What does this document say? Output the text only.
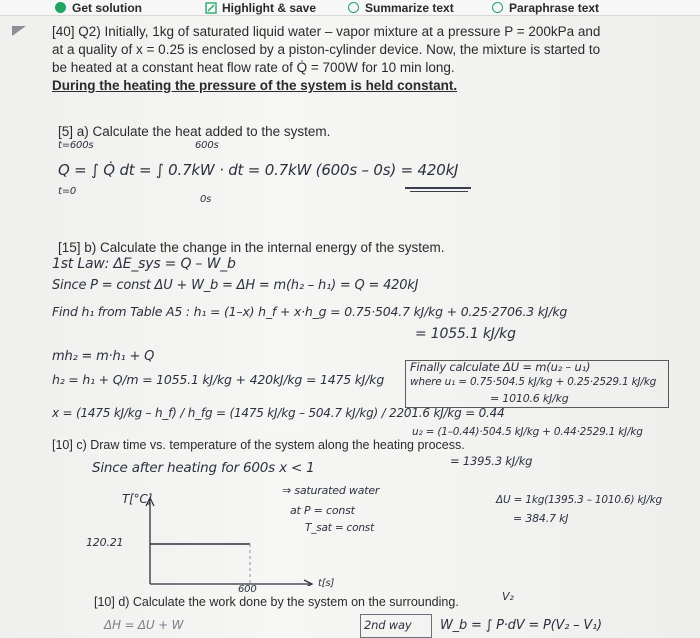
Get solution	Highlight & save	Summarize text	Paraphrase text
[40] Q2) Initially, 1kg of saturated liquid water – vapor mixture at a pressure P = 200kPa and
at a quality of x = 0.25 is enclosed by a piston-cylinder device. Now, the mixture is started to
be heated at a constant heat flow rate of Q̇ = 700W for 10 min long.
During the heating the pressure of the system is held constant.
[5] a) Calculate the heat added to the system.
t=600s	600s
Q = ∫ Q̇ dt = ∫ 0.7kW · dt = 0.7kW (600s – 0s) = 420kJ
t=0
0s
[15] b) Calculate the change in the internal energy of the system.
1st Law: ΔE_sys = Q – W_b
Since P = const ΔU + W_b = ΔH = m(h₂ – h₁) = Q = 420kJ
Find h₁ from Table A5 : h₁ = (1–x) h_f + x·h_g = 0.75·504.7 kJ/kg + 0.25·2706.3 kJ/kg
= 1055.1 kJ/kg
mh₂ = m·h₁ + Q
h₂ = h₁ + Q/m = 1055.1 kJ/kg + 420kJ/kg = 1475 kJ/kg
x = (1475 kJ/kg – h_f) / h_fg = (1475 kJ/kg – 504.7 kJ/kg) / 2201.6 kJ/kg = 0.44
Finally calculate ΔU = m(u₂ – u₁)
where u₁ = 0.75·504.5 kJ/kg + 0.25·2529.1 kJ/kg
= 1010.6 kJ/kg
u₂ = (1–0.44)·504.5 kJ/kg + 0.44·2529.1 kJ/kg
= 1395.3 kJ/kg
[10] c) Draw time vs. temperature of the system along the heating process.
Since after heating for 600s x < 1
⇒ saturated water
at P = const
T_sat = const
ΔU = 1kg(1395.3 – 1010.6) kJ/kg
= 384.7 kJ
T[°C]
120.21
600
t[s]
[10] d) Calculate the work done by the system on the surrounding.	V₂
ΔH = ΔU + W	2nd way W_b = ∫ P·dV = P(V₂ – V₁)
